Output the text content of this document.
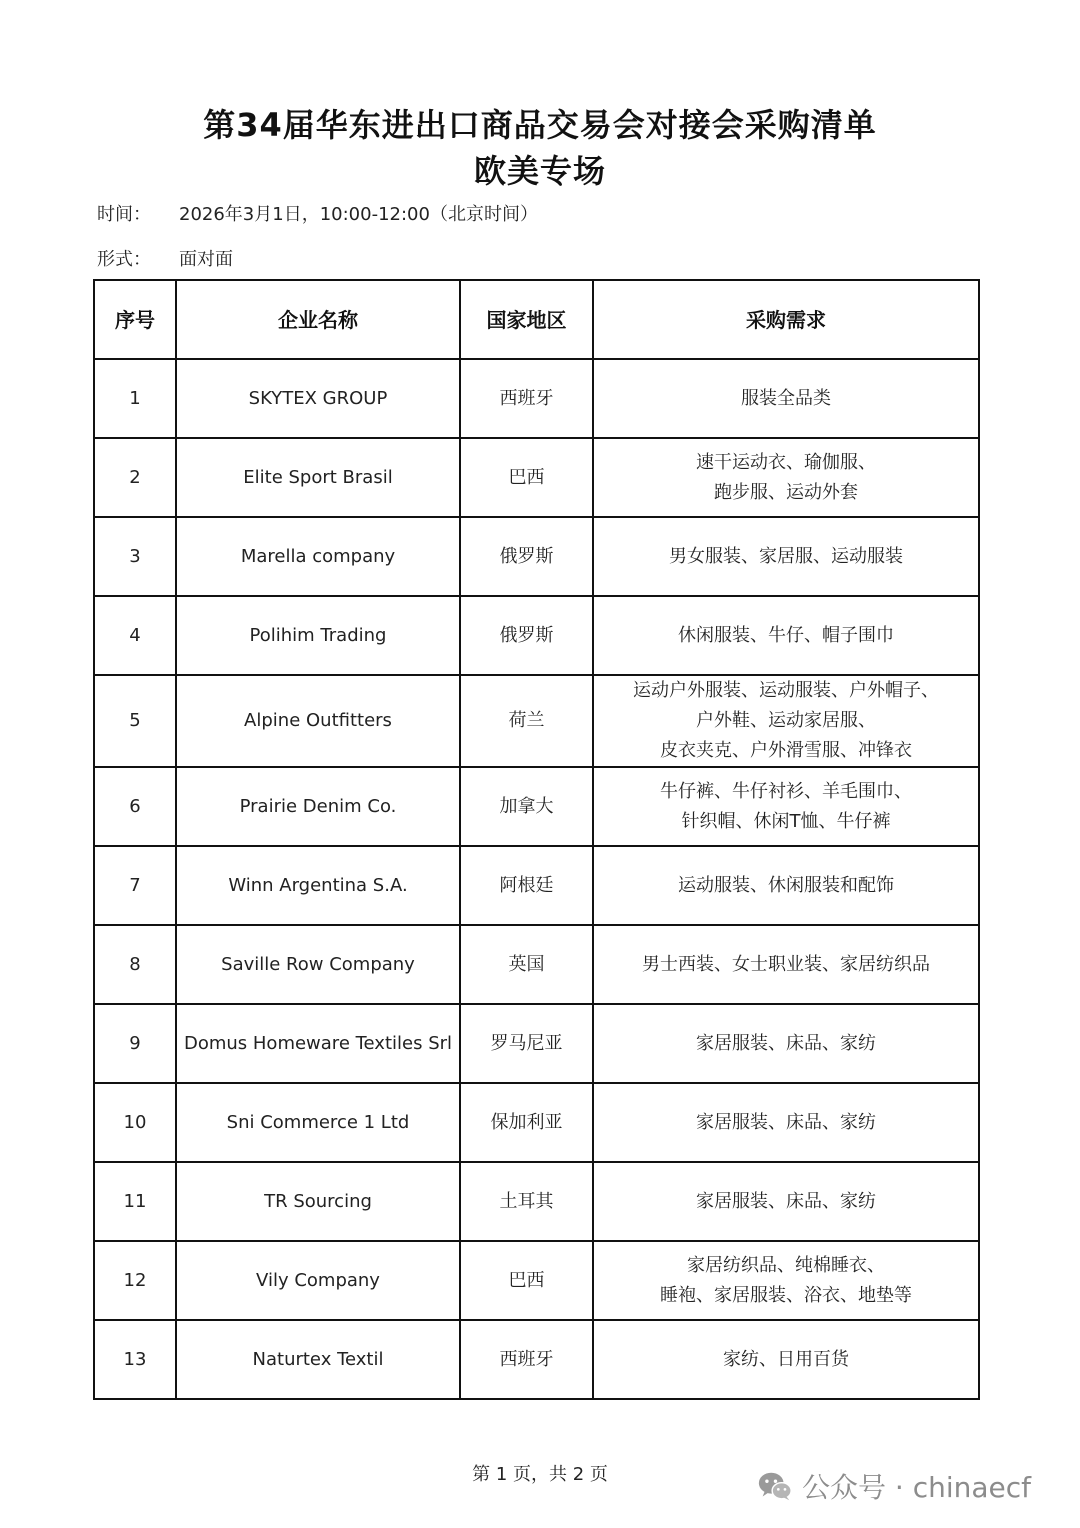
第34届华东进出口商品交易会对接会采购清单
欧美专场
时间： 2026年3月1日，10:00-12:00（北京时间）
形式： 面对面
序号	企业名称	国家地区	采购需求
1	SKYTEX GROUP	西班牙	服装全品类

2	Elite Sport Brasil	巴西	速干运动衣、瑜伽服、
跑步服、运动外套

3	Marella company	俄罗斯	男女服装、家居服、运动服装

4	Polihim Trading	俄罗斯	休闲服装、牛仔、帽子围巾

5	Alpine Outfitters	荷兰	运动户外服装、运动服装、户外帽子、
户外鞋、运动家居服、
皮衣夹克、户外滑雪服、冲锋衣

6	Prairie Denim Co.	加拿大	牛仔裤、牛仔衬衫、羊毛围巾、
针织帽、休闲T恤、牛仔裤

7	Winn Argentina S.A.	阿根廷	运动服装、休闲服装和配饰

8	Saville Row Company	英国	男士西装、女士职业装、家居纺织品

9	Domus Homeware Textiles Srl	罗马尼亚	家居服装、床品、家纺

10	Sni Commerce 1 Ltd	保加利亚	家居服装、床品、家纺

11	TR Sourcing	土耳其	家居服装、床品、家纺

12	Vily Company	巴西	家居纺织品、纯棉睡衣、
睡袍、家居服装、浴衣、地垫等

13	Naturtex Textil	西班牙	家纺、日用百货
第 1 页，共 2 页	公众号 · chinaecf
